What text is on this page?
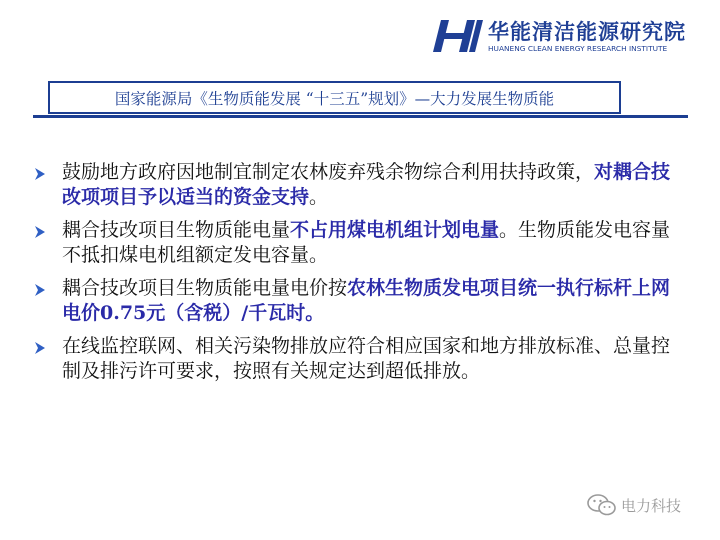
华能清洁能源研究院
HUANENG CLEAN ENERGY RESEARCH INSTITUTE
国家能源局《生物质能发展 “十三五”规划》—大力发展生物质能
鼓励地方政府因地制宜制定农林废弃残余物综合利用扶持政策，对耦合技改项项目予以适当的资金支持。
耦合技改项目生物质能电量不占用煤电机组计划电量。生物质能发电容量不抵扣煤电机组额定发电容量。
耦合技改项目生物质能电量电价按农林生物质发电项目统一执行标杆上网电价0.75元（含税）/千瓦时。
在线监控联网、相关污染物排放应符合相应国家和地方排放标准、总量控制及排污许可要求，按照有关规定达到超低排放。
电力科技
